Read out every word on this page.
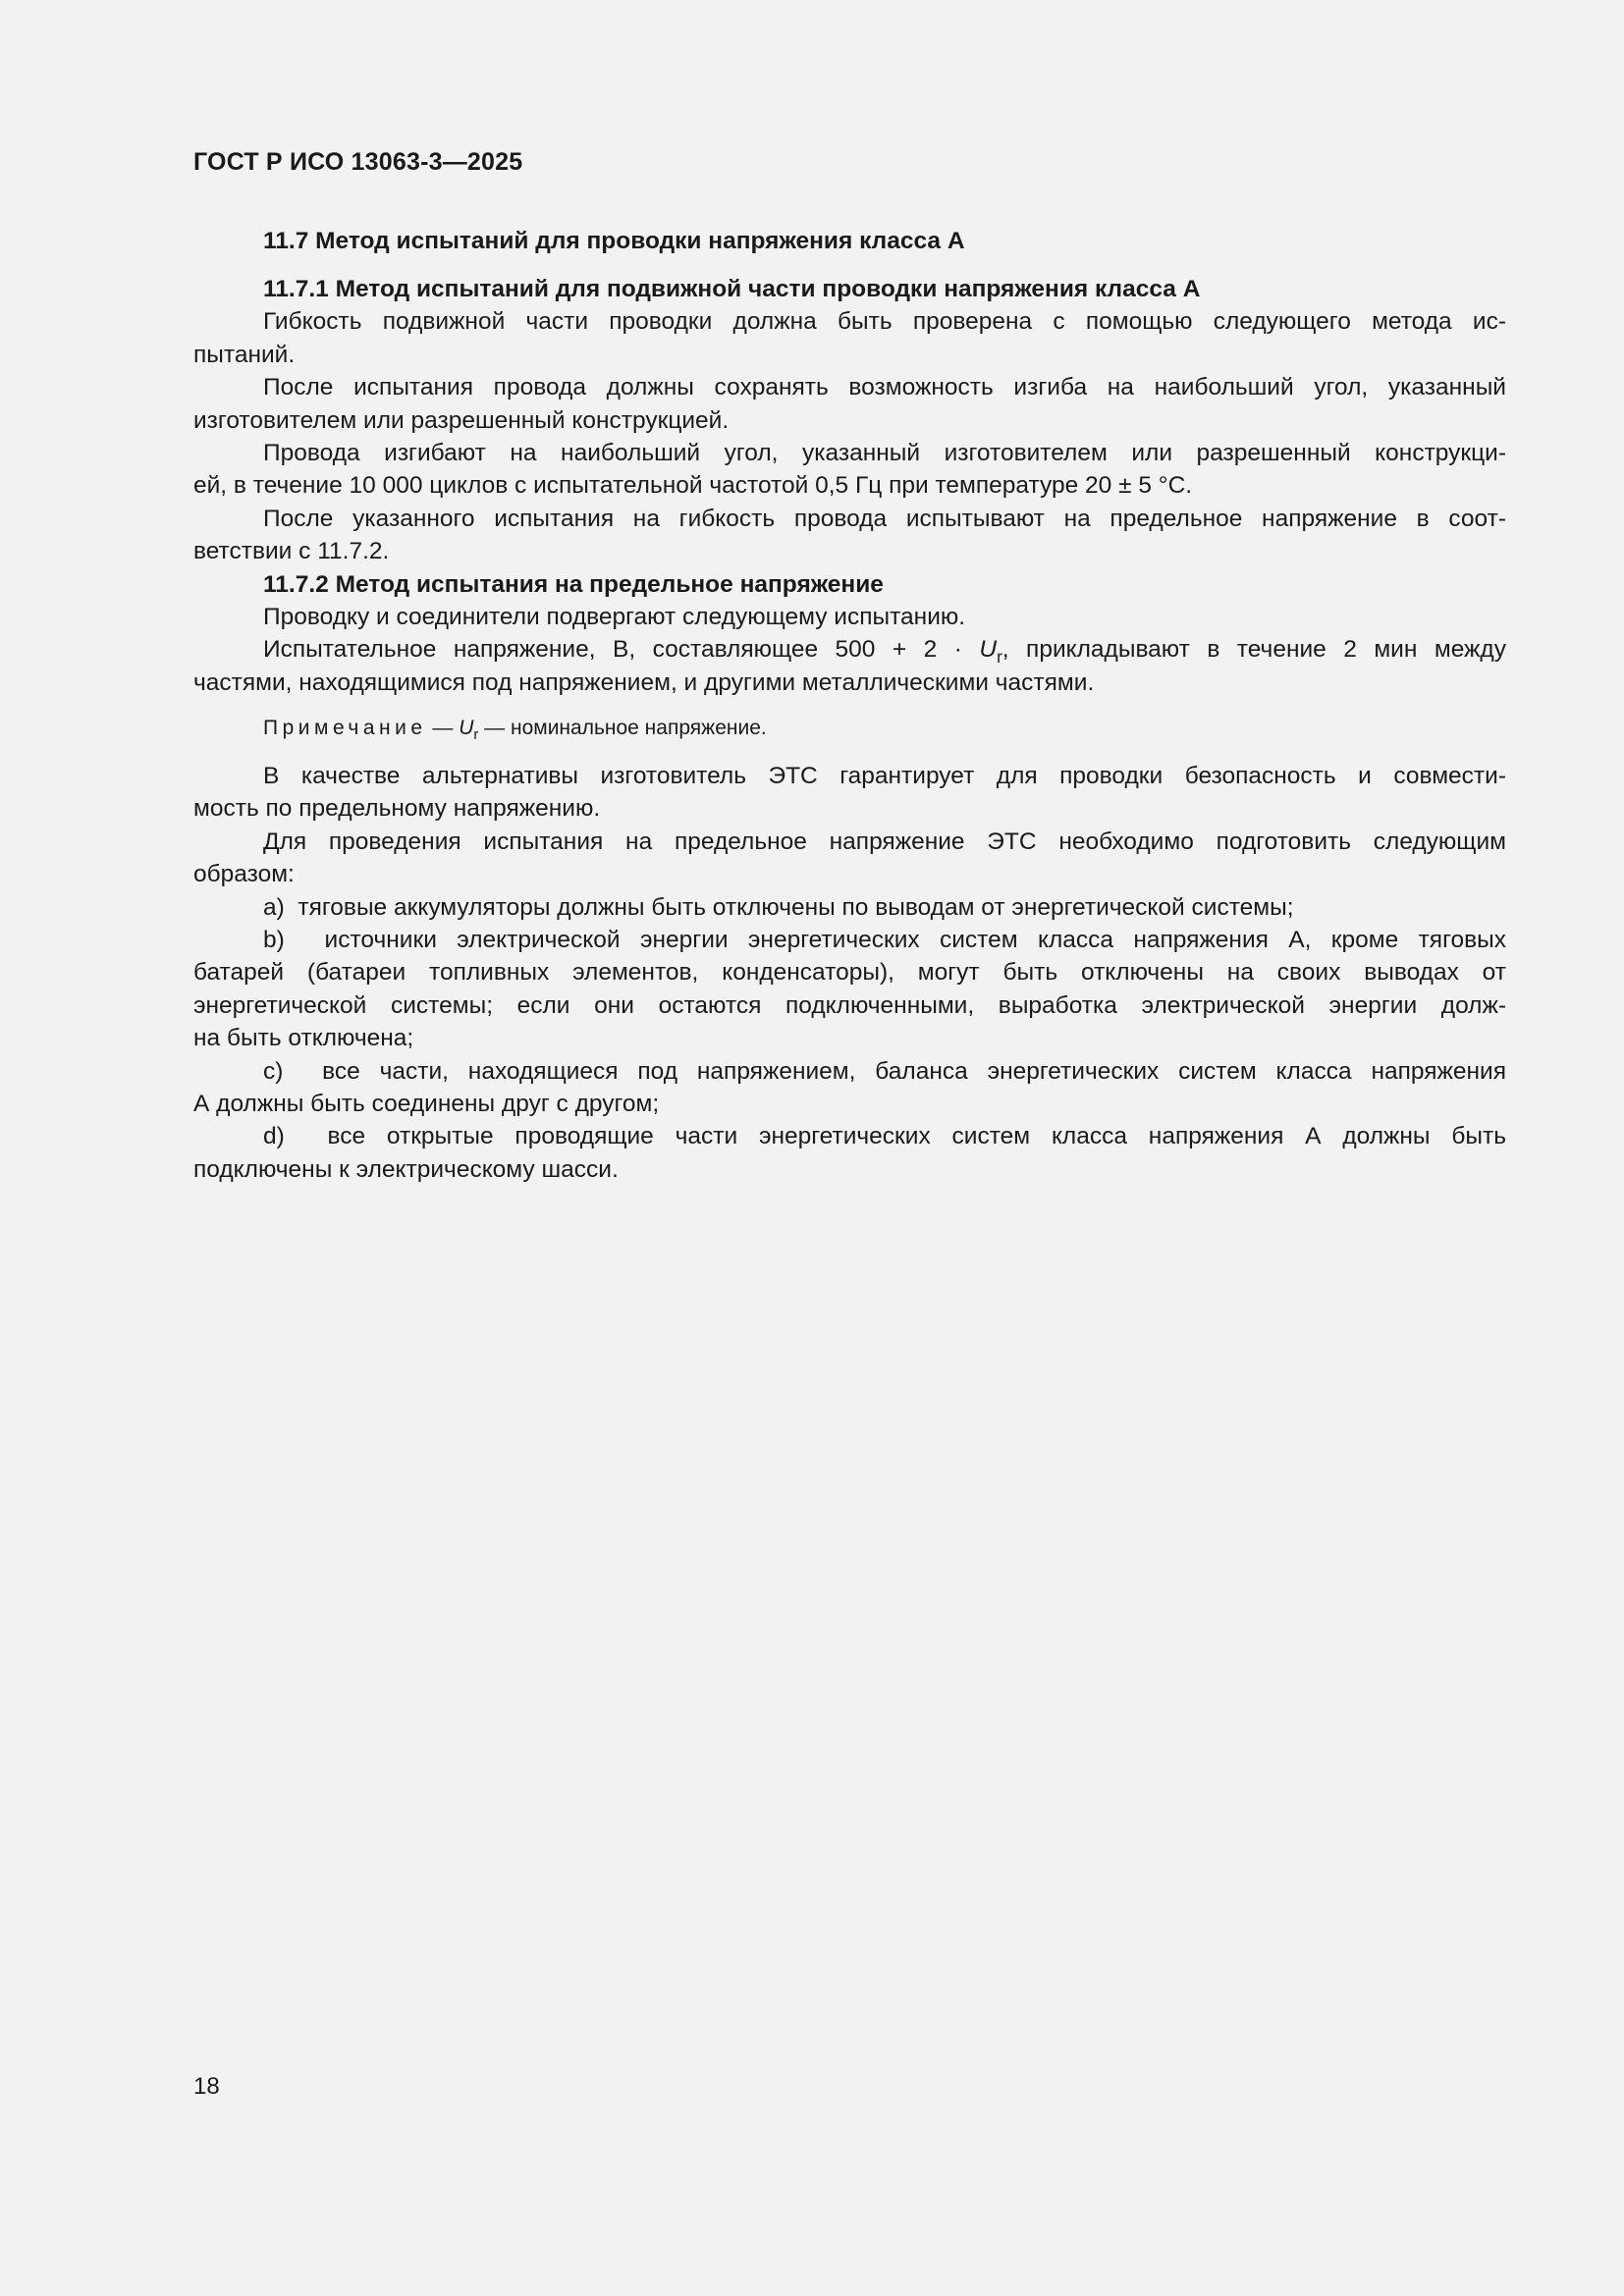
ГОСТ Р ИСО 13063-3—2025
11.7 Метод испытаний для проводки напряжения класса А
11.7.1 Метод испытаний для подвижной части проводки напряжения класса А
Гибкость подвижной части проводки должна быть проверена с помощью следующего метода ис-
пытаний.
После испытания провода должны сохранять возможность изгиба на наибольший угол, указанный
изготовителем или разрешенный конструкцией.
Провода изгибают на наибольший угол, указанный изготовителем или разрешенный конструкци-
ей, в течение 10 000 циклов с испытательной частотой 0,5 Гц при температуре 20 ± 5 °С.
После указанного испытания на гибкость провода испытывают на предельное напряжение в соот-
ветствии с 11.7.2.
11.7.2 Метод испытания на предельное напряжение
Проводку и соединители подвергают следующему испытанию.
Испытательное напряжение, В, составляющее $500 + 2 \cdot U_r$, прикладывают в течение 2 мин между
частями, находящимися под напряжением, и другими металлическими частями.
Примечание — $U_r$ — номинальное напряжение.
В качестве альтернативы изготовитель ЭТС гарантирует для проводки безопасность и совмести-
мость по предельному напряжению.
Для проведения испытания на предельное напряжение ЭТС необходимо подготовить следующим
образом:
a) тяговые аккумуляторы должны быть отключены по выводам от энергетической системы;
b) источники электрической энергии энергетических систем класса напряжения А, кроме тяговых
батарей (батареи топливных элементов, конденсаторы), могут быть отключены на своих выводах от
энергетической системы; если они остаются подключенными, выработка электрической энергии долж-
на быть отключена;
c) все части, находящиеся под напряжением, баланса энергетических систем класса напряжения
А должны быть соединены друг с другом;
d) все открытые проводящие части энергетических систем класса напряжения А должны быть
подключены к электрическому шасси.
18
